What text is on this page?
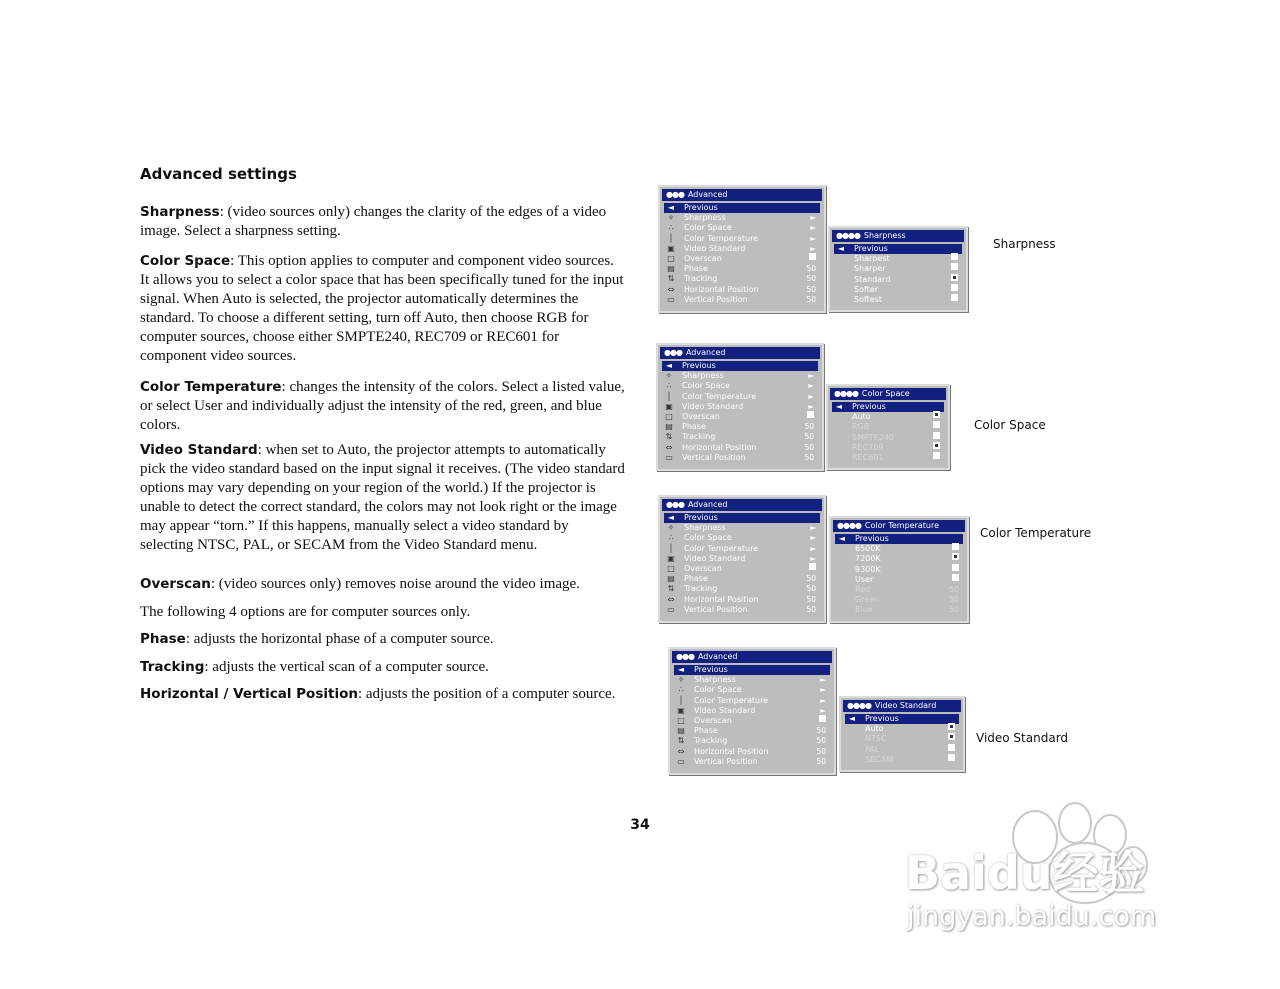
Advanced settings

Sharpness: (video sources only) changes the clarity of the edges of a video image. Select a sharpness setting.

Color Space: This option applies to computer and component video sources. It allows you to select a color space that has been specifically tuned for the input signal. When Auto is selected, the projector automatically determines the standard. To choose a different setting, turn off Auto, then choose RGB for computer sources, choose either SMPTE240, REC709 or REC601 for component video sources.

Color Temperature: changes the intensity of the colors. Select a listed value, or select User and individually adjust the intensity of the red, green, and blue colors.

Video Standard: when set to Auto, the projector attempts to automatically pick the video standard based on the input signal it receives. (The video standard options may vary depending on your region of the world.) If the projector is unable to detect the correct standard, the colors may not look right or the image may appear “torn.” If this happens, manually select a video standard by selecting NTSC, PAL, or SECAM from the Video Standard menu.

Overscan: (video sources only) removes noise around the video image.

The following 4 options are for computer sources only.

Phase: adjusts the horizontal phase of a computer source.

Tracking: adjusts the vertical scan of a computer source.

Horizontal / Vertical Position: adjusts the position of a computer source.

●●● Advanced
◄ Previous
✧ Sharpness	►
∴	Color Space	►
│	Color Temperature	►
▣ Video Standard	►
□ Overscan
▤ Phase	50
⇅ Tracking	50
⇔ Horizontal Position	50
▭ Vertical Position	50
●●●● Sharpness
◄ Previous
Sharpest
Sharper
Standard
Softer
Softest
Sharpness
●●● Advanced
◄ Previous
✧ Sharpness	►
∴	Color Space	►
│	Color Temperature	►
▣ Video Standard	►
□ Overscan
▤ Phase	50
⇅ Tracking	50
⇔ Horizontal Position	50
▭ Vertical Position	50
●●●● Color Space
◄ Previous
Auto
RGB
SMPTE240
REC709
REC601
Color Space
●●● Advanced
◄ Previous
✧ Sharpness	►
∴	Color Space	►
│	Color Temperature	►
▣ Video Standard	►
□ Overscan
▤ Phase	50
⇅ Tracking	50
⇔ Horizontal Position	50
▭ Vertical Position	50
●●●● Color Temperature
◄ Previous
6500K
7200K
9300K
User
Red	50
Green	50
Blue	50
Color Temperature
●●● Advanced
◄ Previous
✧ Sharpness	►
∴	Color Space	►
│	Color Temperature	►
▣ Video Standard	►
□ Overscan
▤ Phase	50
⇅ Tracking	50
⇔ Horizontal Position	50
▭ Vertical Position	50
●●●● Video Standard
◄ Previous
Auto
NTSC
PAL
SECAM
Video Standard
34
Baidu经验
jingyan.baidu.com
